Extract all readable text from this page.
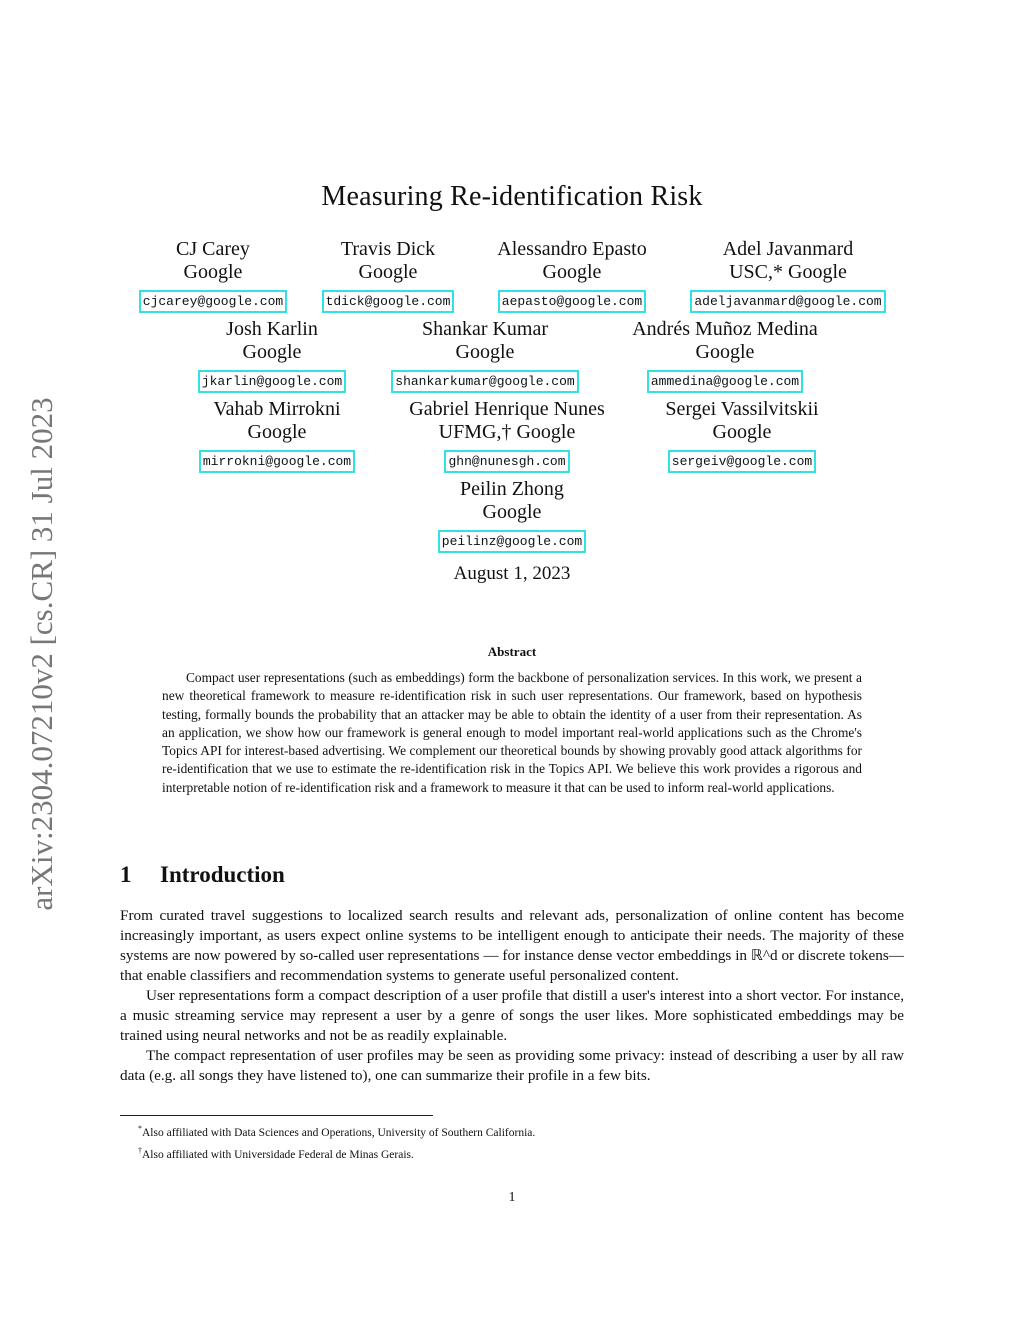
arXiv:2304.07210v2 [cs.CR] 31 Jul 2023
Measuring Re-identification Risk
CJ Carey
Google
cjcarey@google.com
Travis Dick
Google
tdick@google.com
Alessandro Epasto
Google
aepasto@google.com
Adel Javanmard
USC,* Google
adeljavanmard@google.com
Josh Karlin
Google
jkarlin@google.com
Shankar Kumar
Google
shankarkumar@google.com
Andrés Muñoz Medina
Google
ammedina@google.com
Vahab Mirrokni
Google
mirrokni@google.com
Gabriel Henrique Nunes
UFMG,† Google
ghn@nunesgh.com
Sergei Vassilvitskii
Google
sergeiv@google.com
Peilin Zhong
Google
peilinz@google.com
August 1, 2023
Abstract
Compact user representations (such as embeddings) form the backbone of personalization services. In this work, we present a new theoretical framework to measure re-identification risk in such user representations. Our framework, based on hypothesis testing, formally bounds the probability that an attacker may be able to obtain the identity of a user from their representation. As an application, we show how our framework is general enough to model important real-world applications such as the Chrome's Topics API for interest-based advertising. We complement our theoretical bounds by showing provably good attack algorithms for re-identification that we use to estimate the re-identification risk in the Topics API. We believe this work provides a rigorous and interpretable notion of re-identification risk and a framework to measure it that can be used to inform real-world applications.
1 Introduction

From curated travel suggestions to localized search results and relevant ads, personalization of online content has become increasingly important, as users expect online systems to be intelligent enough to anticipate their needs. The majority of these systems are now powered by so-called user representations — for instance dense vector embeddings in ℝ^d or discrete tokens—that enable classifiers and recommendation systems to generate useful personalized content.

User representations form a compact description of a user profile that distill a user's interest into a short vector. For instance, a music streaming service may represent a user by a genre of songs the user likes. More sophisticated embeddings may be trained using neural networks and not be as readily explainable.

The compact representation of user profiles may be seen as providing some privacy: instead of describing a user by all raw data (e.g. all songs they have listened to), one can summarize their profile in a few bits.

*Also affiliated with Data Sciences and Operations, University of Southern California.
†Also affiliated with Universidade Federal de Minas Gerais.
1
